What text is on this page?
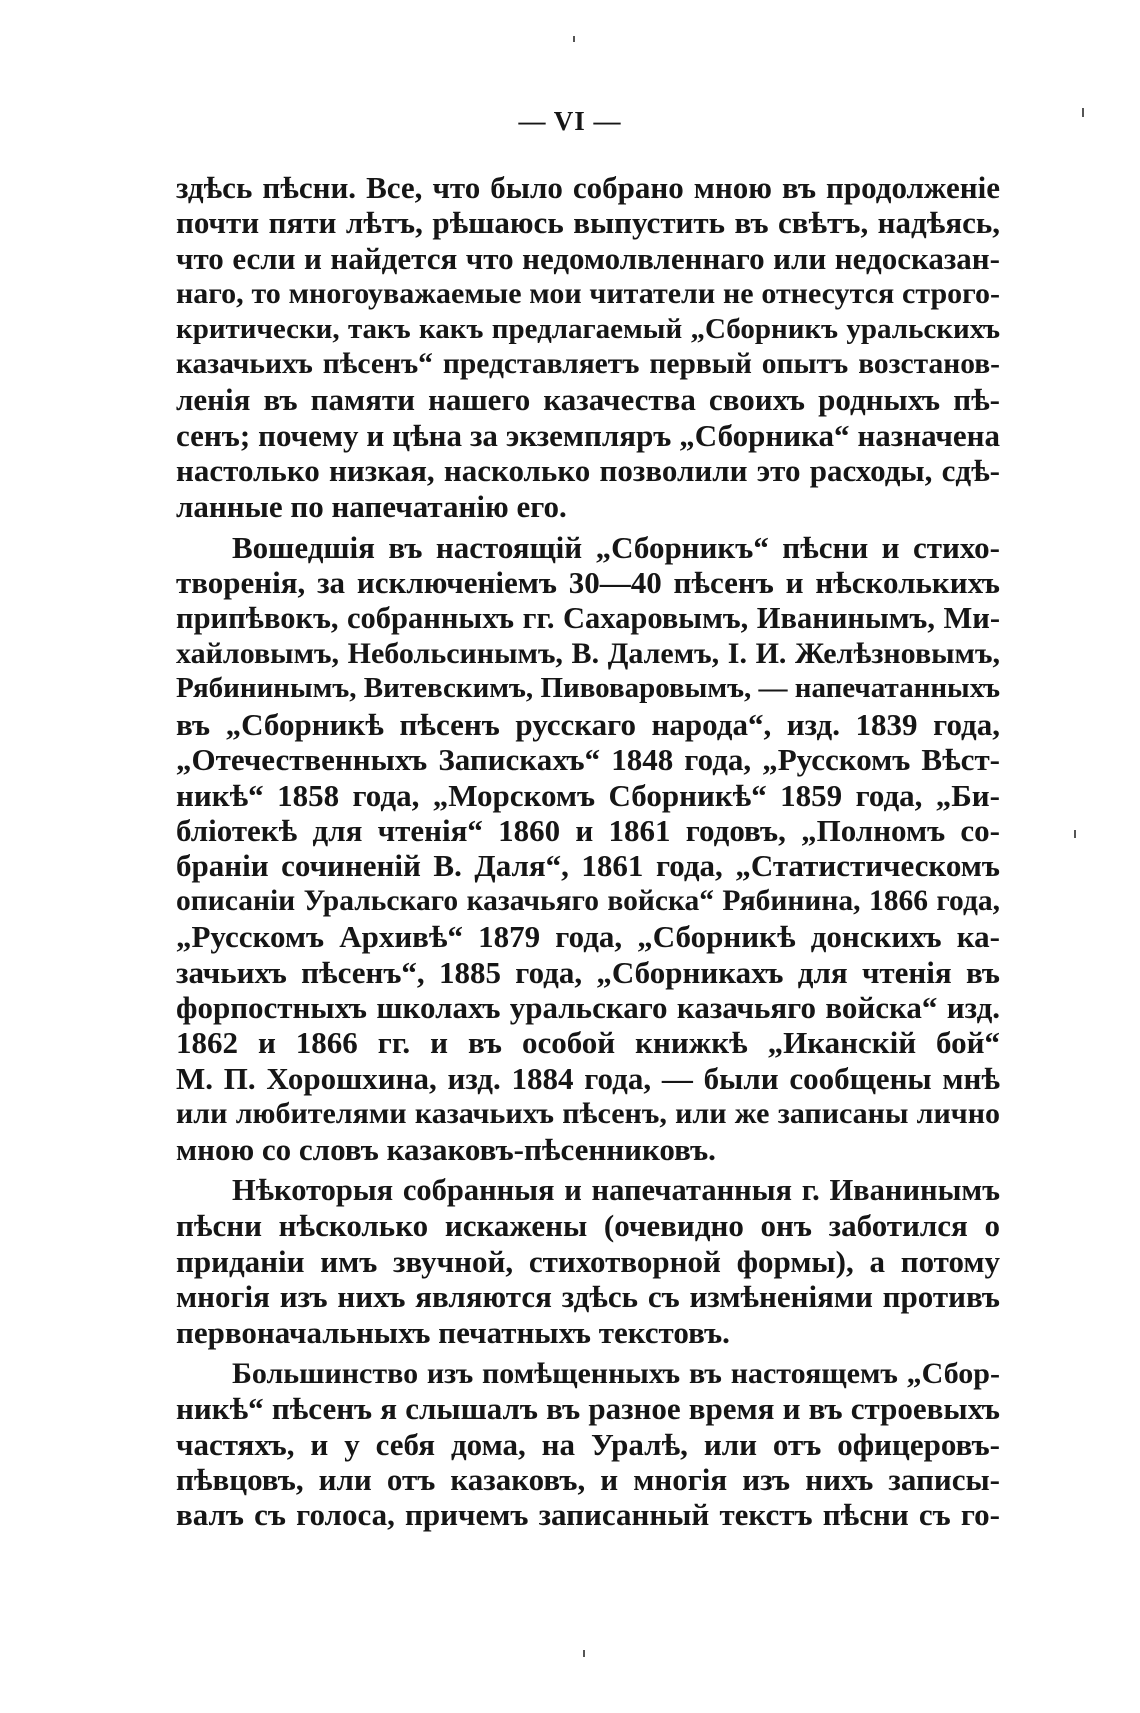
— VI —
здѣсь пѣсни. Все, что было собрано мною въ продолженіе
почти пяти лѣтъ, рѣшаюсь выпустить въ свѣтъ, надѣясь,
что если и найдется что недомолвленнаго или недосказан-
наго, то многоуважаемые мои читатели не отнесутся строго-
критически, такъ какъ предлагаемый „Сборникъ уральскихъ
казачьихъ пѣсенъ“ представляетъ первый опытъ возстанов-
ленія въ памяти нашего казачества своихъ родныхъ пѣ-
сенъ; почему и цѣна за экземпляръ „Сборника“ назначена
настолько низкая, насколько позволили это расходы, сдѣ-
ланные по напечатанію его.
Вошедшія въ настоящій „Сборникъ“ пѣсни и стихо-
творенія, за исключеніемъ 30—40 пѣсенъ и нѣсколькихъ
припѣвокъ, собранныхъ гг. Сахаровымъ, Иванинымъ, Ми-
хайловымъ, Небольсинымъ, В. Далемъ, І. И. Желѣзновымъ,
Рябининымъ, Витевскимъ, Пивоваровымъ, — напечатанныхъ
въ „Сборникѣ пѣсенъ русскаго народа“, изд. 1839 года,
„Отечественныхъ Запискахъ“ 1848 года, „Русскомъ Вѣст-
никѣ“ 1858 года, „Морскомъ Сборникѣ“ 1859 года, „Би-
бліотекѣ для чтенія“ 1860 и 1861 годовъ, „Полномъ со-
браніи сочиненій В. Даля“, 1861 года, „Статистическомъ
описаніи Уральскаго казачьяго войска“ Рябинина, 1866 года,
„Русскомъ Архивѣ“ 1879 года, „Сборникѣ донскихъ ка-
зачьихъ пѣсенъ“, 1885 года, „Сборникахъ для чтенія въ
форпостныхъ школахъ уральскаго казачьяго войска“ изд.
1862 и 1866 гг. и въ особой книжкѣ „Иканскій бой“
М. П. Хорошхина, изд. 1884 года, — были сообщены мнѣ
или любителями казачьихъ пѣсенъ, или же записаны лично
мною со словъ казаковъ-пѣсенниковъ.
Нѣкоторыя собранныя и напечатанныя г. Иванинымъ
пѣсни нѣсколько искажены (очевидно онъ заботился о
приданіи имъ звучной, стихотворной формы), а потому
многія изъ нихъ являются здѣсь съ измѣненіями противъ
первоначальныхъ печатныхъ текстовъ.
Большинство изъ помѣщенныхъ въ настоящемъ „Сбор-
никѣ“ пѣсенъ я слышалъ въ разное время и въ строевыхъ
частяхъ, и у себя дома, на Уралѣ, или отъ офицеровъ-
пѣвцовъ, или отъ казаковъ, и многія изъ нихъ записы-
валъ съ голоса, причемъ записанный текстъ пѣсни съ го-
